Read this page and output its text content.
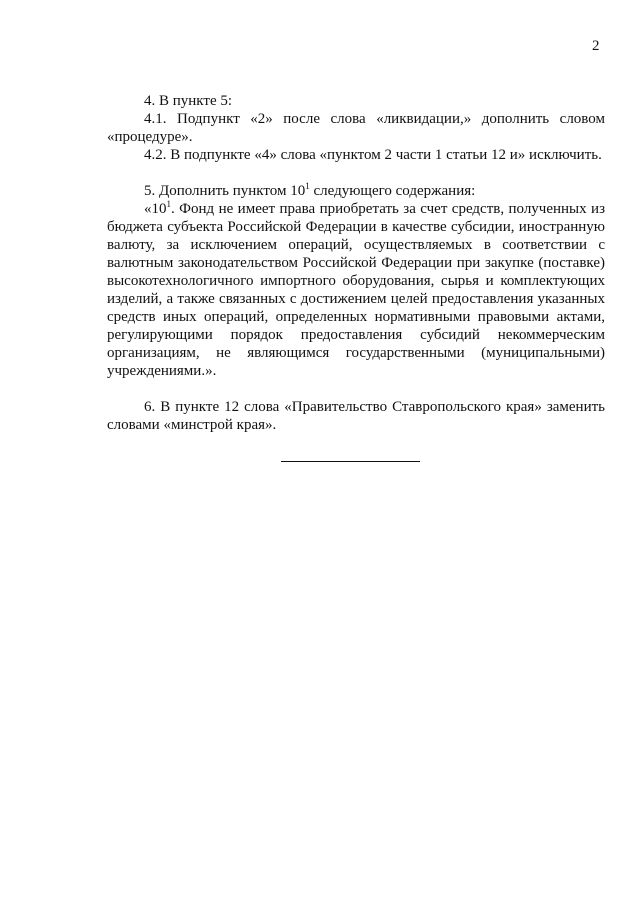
2

4. В пункте 5:

4.1. Подпункт «2» после слова «ликвидации,» дополнить словом «процедуре».

4.2. В подпункте «4» слова «пунктом 2 части 1 статьи 12 и» исключить.

5. Дополнить пунктом $10^1$ следующего содержания:

«$10^1$. Фонд не имеет права приобретать за счет средств, полученных из бюджета субъекта Российской Федерации в качестве субсидии, иностранную валюту, за исключением операций, осуществляемых в соответствии с валютным законодательством Российской Федерации при закупке (поставке) высокотехнологичного импортного оборудования, сырья и комплектующих изделий, а также связанных с достижением целей предоставления указанных средств иных операций, определенных нормативными правовыми актами, регулирующими порядок предоставления субсидий некоммерческим организациям, не являющимся государственными (муниципальными) учреждениями.».

6. В пункте 12 слова «Правительство Ставропольского края» заменить словами «минстрой края».
